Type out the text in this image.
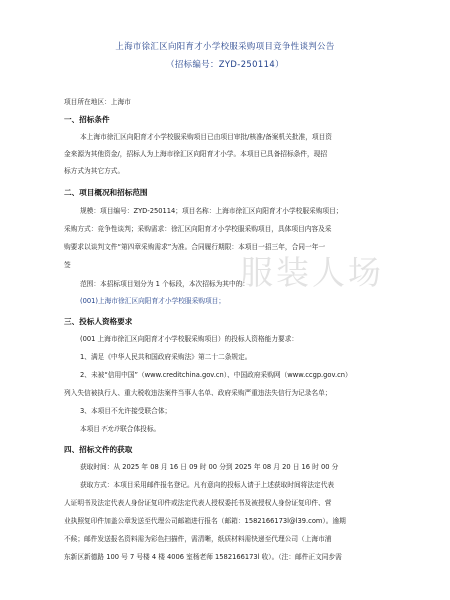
上海市徐汇区向阳育才小学校服采购项目竞争性谈判公告
（招标编号：ZYD-250114）
项目所在地区：上海市
一、招标条件
本上海市徐汇区向阳育才小学校服采购项目已由项目审批/核准/备案机关批准，项目资
金来源为其他资金/，招标人为上海市徐汇区向阳育才小学。本项目已具备招标条件，现招
标方式为其它方式。
二、项目概况和招标范围
规模：项目编号：ZYD-250114；项目名称：上海市徐汇区向阳育才小学校服采购项目；
采购方式：竞争性谈判；采购需求：徐汇区向阳育才小学校服采购项目，具体项目内容及采
购要求以谈判文件“第四章采购需求”为准。合同履行期限：本项目一招三年，合同一年一
签
范围：本招标项目划分为 1 个标段，本次招标为其中的：
(001)上海市徐汇区向阳育才小学校服采购项目；
三、投标人资格要求
(001 上海市徐汇区向阳育才小学校服采购项目）的投标人资格能力要求：
1、满足《中华人民共和国政府采购法》第二十二条规定。
2、未被“信用中国”（www.creditchina.gov.cn）、中国政府采购网（www.ccgp.gov.cn）
列入失信被执行人、重大税收违法案件当事人名单、政府采购严重违法失信行为记录名单；
3、本项目不允许接受联合体；
本项目不允许联合体投标。
四、招标文件的获取
获取时间：从 2025 年 08 月 16 日 09 时 00 分到 2025 年 08 月 20 日 16 时 00 分
获取方式：本项目采用邮件报名登记。凡有意向的投标人请于上述获取时间将法定代表
人证明书及法定代表人身份证复印件或法定代表人授权委托书及被授权人身份证复印件、营
业执照复印件加盖公章发送至代理公司邮箱进行报名（邮箱：1582166173l@l39.com）。逾期
不候；邮件发送报名资料需为彩色扫描件，需清晰，纸质材料需快递至代理公司（上海市浦
东新区新德路 100 号 7 号楼 4 楼 4006 室杨老师 1582166173l 收）。（注：邮件正文同步需
服装人场
